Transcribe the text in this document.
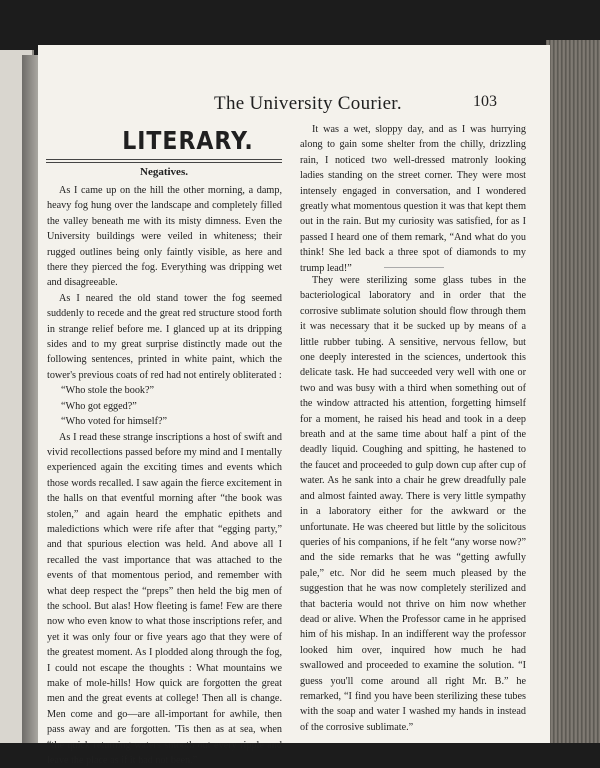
The University Courier.	103
LITERARY.
Negatives.

As I came up on the hill the other morning, a damp, heavy fog hung over the landscape and completely filled the valley beneath me with its misty dimness. Even the University buildings were veiled in whiteness; their rugged outlines being only faintly visible, as here and there they pierced the fog. Everything was dripping wet and disagreeable.

As I neared the old stand tower the fog seemed suddenly to recede and the great red structure stood forth in strange relief before me. I glanced up at its dripping sides and to my great surprise distinctly made out the following sentences, printed in white paint, which the tower's previous coats of red had not entirely obliterated :

“Who stole the book?”

“Who got egged?”

“Who voted for himself?”

As I read these strange inscriptions a host of swift and vivid recollections passed before my mind and I mentally experienced again the exciting times and events which those words recalled. I saw again the fierce excitement in the halls on that eventful morning after “the book was stolen,” and again heard the emphatic epithets and maledictions which were rife after that “egging party,” and that spurious election was held. And above all I recalled the vast importance that was attached to the events of that momentous period, and remember with what deep respect the “preps” then held the big men of the school. But alas! How fleeting is fame! Few are there now who even know to what those inscriptions refer, and yet it was only four or five years ago that they were of the greatest moment. As I plodded along through the fog, I could not escape the thoughts : What mountains we make of mole-hills! How quick are forgotten the great men and the great events at college! Then all is change. Men come and go—are all-important for awhile, then pass away and are forgotten. 'Tis then as at sea, when “the quick returning waters smooth out every ripple and leave the place as if it had not been.”

It was a wet, sloppy day, and as I was hurrying along to gain some shelter from the chilly, drizzling rain, I noticed two well-dressed matronly looking ladies standing on the street corner. They were most intensely engaged in conversation, and I wondered greatly what momentous question it was that kept them out in the rain. But my curiosity was satisfied, for as I passed I heard one of them remark, “And what do you think! She led back a three spot of diamonds to my trump lead!”

They were sterilizing some glass tubes in the bacteriological laboratory and in order that the corrosive sublimate solution should flow through them it was necessary that it be sucked up by means of a little rubber tubing. A sensitive, nervous fellow, but one deeply interested in the sciences, undertook this delicate task. He had succeeded very well with one or two and was busy with a third when something out of the window attracted his attention, forgetting himself for a moment, he raised his head and took in a deep breath and at the same time about half a pint of the deadly liquid. Coughing and spitting, he hastened to the faucet and proceeded to gulp down cup after cup of water. As he sank into a chair he grew dreadfully pale and almost fainted away. There is very little sympathy in a laboratory either for the awkward or the unfortunate. He was cheered but little by the solicitous queries of his companions, if he felt “any worse now?” and the side remarks that he was “getting awfully pale,” etc. Nor did he seem much pleased by the suggestion that he was now completely sterilized and that bacteria would not thrive on him now whether dead or alive. When the Professor came in he apprised him of his mishap. In an indifferent way the professor looked him over, inquired how much he had swallowed and proceeded to examine the solution. “I guess you'll come around all right Mr. B.” he remarked, “I find you have been sterilizing these tubes with the soap and water I washed my hands in instead of the corrosive sublimate.”
